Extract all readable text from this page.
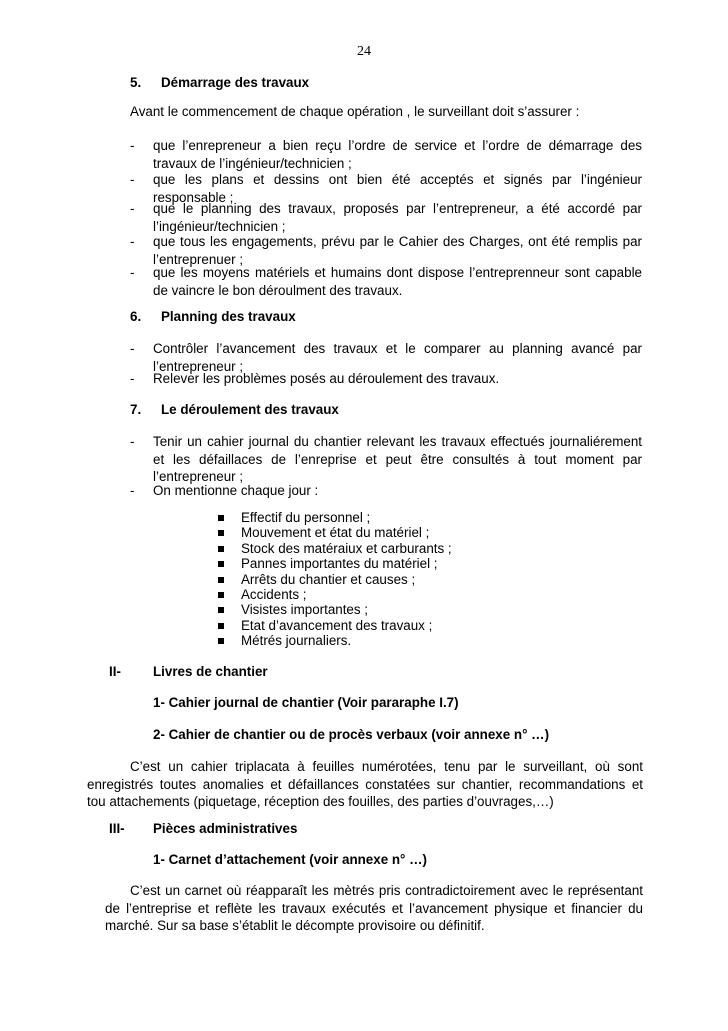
24
5. Démarrage des travaux
Avant le commencement de chaque opération , le surveillant doit s’assurer :
- que l’enrepreneur a bien reçu l’ordre de service et l’ordre de démarrage des
travaux de l’ingénieur/technicien ;
- que les plans et dessins ont bien été acceptés et signés par l’ingénieur
responsable ;
- que le planning des travaux, proposés par l’entrepreneur, a été accordé par
l’ingénieur/technicien ;
- que tous les engagements, prévu par le Cahier des Charges, ont été remplis par
l’entreprenuer ;
- que les moyens matériels et humains dont dispose l’entreprenneur sont capable
de vaincre le bon déroulment des travaux.
6. Planning des travaux
- Contrôler l’avancement des travaux et le comparer au planning avancé par
l’entrepreneur ;
- Relever les problèmes posés au déroulement des travaux.
7. Le déroulement des travaux
- Tenir un cahier journal du chantier relevant les travaux effectués journaliérement
et les défaillaces de l’enreprise et peut être consultés à tout moment par
l’entrepreneur ;
- On mentionne chaque jour :
Effectif du personnel ;
Mouvement et état du matériel ;
Stock des matéraiux et carburants ;
Pannes importantes du matériel ;
Arrêts du chantier et causes ;
Accidents ;
Visistes importantes ;
Etat d’avancement des travaux ;
Métrés journaliers.
II- Livres de chantier
1- Cahier journal de chantier (Voir pararaphe I.7)
2- Cahier de chantier ou de procès verbaux (voir annexe n° …)
C’est un cahier triplacata à feuilles numérotées, tenu par le surveillant, où sont
enregistrés toutes anomalies et défaillances constatées sur chantier, recommandations et
tou attachements (piquetage, réception des fouilles, des parties d’ouvrages,…)
III- Pièces administratives
1- Carnet d’attachement (voir annexe n° …)
C’est un carnet où réapparaît les mètrés pris contradictoirement avec le représentant
de l’entreprise et reflète les travaux exécutés et l’avancement physique et financier du
marché. Sur sa base s’établit le décompte provisoire ou définitif.
